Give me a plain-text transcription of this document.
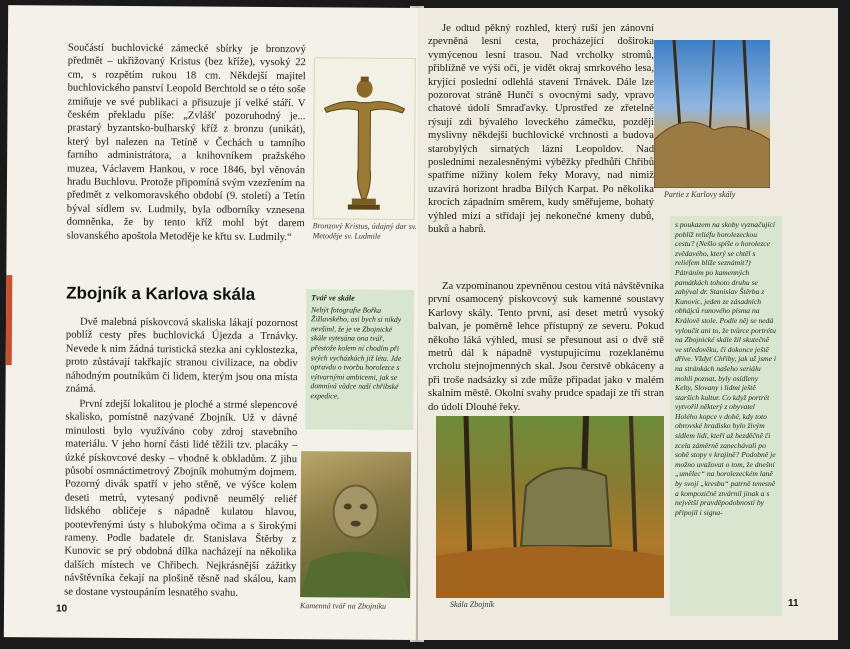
Součástí buchlovické zámecké sbírky je bronzový předmět – ukřižovaný Kristus (bez kříže), vysoký 22 cm, s rozpětím rukou 18 cm. Někdejší majitel buchlovického panství Leopold Berchtold se o této soše zmiňuje ve své publikaci a přisuzuje jí velké stáří. V českém překladu píše: „Zvlášť pozoruhodný je... prastarý byzantsko-bulharský kříž z bronzu (unikát), který byl nalezen na Tetíně v Čechách u tamního farního administrátora, a knihovníkem pražského muzea, Václavem Hankou, v roce 1846, byl věnován hradu Buchlovu. Protože připomíná svým vzezřením na předmět z velkomoravského období (9. století) a Tetín býval sídlem sv. Ludmily, byla odborníky vznesena domněnka, že by tento kříž mohl být darem slovanského apoštola Metoděje ke křtu sv. Ludmily.“

Bronzový Kristus, údajný dar sv. Metoděje sv. Ludmile

Zbojník a Karlova skála	Tvář ve skále

Nebýt fotografie Bořka Žižlavského, asi bych si nikdy nevšiml, že je ve Zbojnické skále vytesána ona tvář, přestože kolem ní chodím při svých vycházkách již léta. Jde opravdu o tvorbu horolezce s výtvarnými ambicemi, jak se domnívá vůdce naší chřibské expedice,

Dvě malebná pískovcová skaliska lákají pozornost poblíž cesty přes buchlovická Újezda a Trnávky. Nevede k nim žádná turistická stezka ani cyklostezka, proto zůstávají takřkajíc stranou civilizace, na obdiv náhodným poutníkům či lidem, kterým jsou ona místa známá.

První zdejší lokalitou je ploché a strmé slepencové skalisko, pomístně nazývané Zbojník. Už v dávné minulosti bylo využíváno coby zdroj stavebního materiálu. V jeho horní části lidé těžili tzv. placáky – úzké pískovcové desky – vhodné k obkladům. Z jihu působí osmnáctimetrový Zbojník mohutným dojmem. Pozorný divák spatří v jeho stěně, ve výšce kolem deseti metrů, vytesaný podivně neumělý reliéf lidského obličeje s nápadně kulatou hlavou, pootevřenými ústy s hlubokýma očima a s širokými rameny. Podle badatele dr. Stanislava Štěrby z Kunovic se prý obdobná dílka nacházejí na několika dalších místech ve Chřibech. Nejkrásnější zážitky návštěvníka čekají na plošině těsně nad skálou, kam se dostane vystoupáním lesnatého svahu.

Kamenná tvář na Zbojníku

10

Je odtud pěkný rozhled, který ruší jen zánovní zpevněná lesní cesta, procházející doširoka vymýcenou lesní trasou. Nad vrcholky stromů, přiblížně ve výši očí, je vidět okraj smrkového lesa, kryjící poslední odlehlá stavení Trnávek. Dále lze pozorovat stráně Hunčí s ovocnými sady, vpravo chatové údolí Smraďavky. Uprostřed ze zřetelně rýsují zdi bývalého loveckého zámečku, později myslivny někdejší buchlovické vrchnosti a budova starobylých sirnatých lázní Leopoldov. Nad posledními nezalesněnými výběžky předhůří Chřibů spatříme nížiny kolem řeky Moravy, nad nimiž uzavírá horizont hradba Bílých Karpat. Po několika krocích západním směrem, kudy směřujeme, bohatý výhled mizí a střídají jej nekonečné kmeny dubů, buků a habrů.

Partie z Karlovy skály

s poukazem na skoby vyznačující poblíž reliéfu horolezeckou cestu? (Nešlo spíše o horolezce zvědavého, který se chtěl s reliéfem blíže seznámit?) Pátráním po kamenných památkách tohoto druhu se zabýval dr. Stanislav Štěrba z Kunovic, jeden ze zásadních obhájců runového písma na Králově stole. Podle něj se nedá vyloučit ani to, že tvůrce portrétu na Zbojnické skále žil skutečně ve středověku, či dokonce ještě dříve. Vždyť Chřiby, jak už jsme i na stránkách našeho seriálu mohli poznat, byly osídleny Kelty, Slovany i lidmi ještě starších kultur. Co když portrét vytvořil některý z obyvatel Holého kopce v době, kdy toto obrovské hradisko bylo živým sídlem lidí, kteří až bezděčně či zcela záměrně zanechávali po sobě stopy v krajině? Podobně je možno uvažovat o tom, že dnešní „umělec“ na horolezeckém laně by svojí „kresbu“ patrně tenesně a kompozičně ztvárnil jinak a s největší pravděpodobností by připojil i signa-

Za vzpomínanou zpevněnou cestou vítá návštěvníka první osamocený pískovcový suk kamenné soustavy Karlovy skály. Tento první, asi deset metrů vysoký balvan, je poměrně lehce přístupný ze severu. Pokud někoho láká výhled, musí se přesunout asi o dvě stě metrů dál k nápadně vystupujícímu rozeklanému vrcholu stejnojmenných skal. Jsou čerstvě obkáceny a při troše nadsázky si zde může připadat jako v malém skalním městě. Okolní svahy prudce spadají ze tří stran do údolí Dlouhé řeky.

Skála Zbojník	11
